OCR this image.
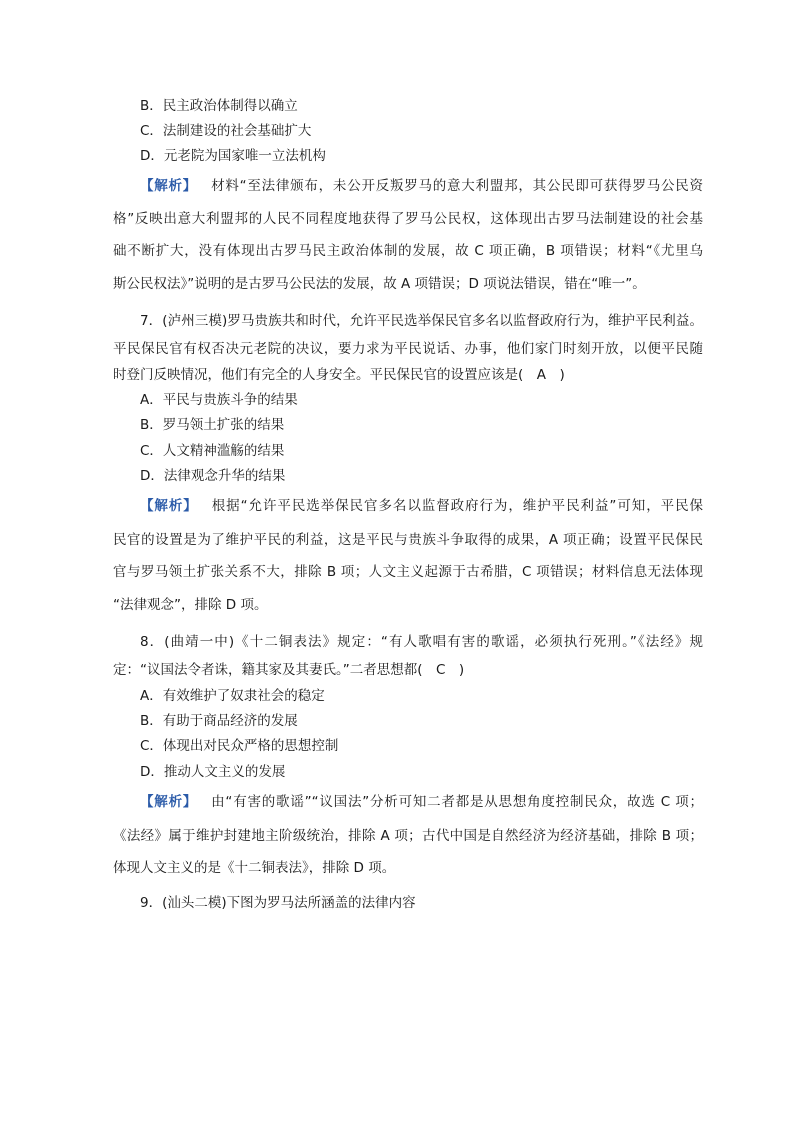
B．民主政治体制得以确立
C．法制建设的社会基础扩大
D．元老院为国家唯一立法机构
【解析】 材料“至法律颁布，未公开反叛罗马的意大利盟邦，其公民即可获得罗马公民资
格”反映出意大利盟邦的人民不同程度地获得了罗马公民权，这体现出古罗马法制建设的社会基
础不断扩大，没有体现出古罗马民主政治体制的发展，故 C 项正确，B 项错误；材料“《尤里乌
斯公民权法》”说明的是古罗马公民法的发展，故 A 项错误；D 项说法错误，错在“唯一”。
7．(泸州三模)罗马贵族共和时代，允许平民选举保民官多名以监督政府行为，维护平民利益。
平民保民官有权否决元老院的决议，要力求为平民说话、办事，他们家门时刻开放，以便平民随
时登门反映情况，他们有完全的人身安全。平民保民官的设置应该是(　A　)
A．平民与贵族斗争的结果
B．罗马领土扩张的结果
C．人文精神滥觞的结果
D．法律观念升华的结果
【解析】 根据“允许平民选举保民官多名以监督政府行为，维护平民利益”可知，平民保
民官的设置是为了维护平民的利益，这是平民与贵族斗争取得的成果，A 项正确；设置平民保民
官与罗马领土扩张关系不大，排除 B 项；人文主义起源于古希腊，C 项错误；材料信息无法体现
“法律观念”，排除 D 项。
8．(曲靖一中)《十二铜表法》规定：“有人歌唱有害的歌谣，必须执行死刑。”《法经》规
定：“议国法令者诛，籍其家及其妻氏。”二者思想都(　C　)
A．有效维护了奴隶社会的稳定
B．有助于商品经济的发展
C．体现出对民众严格的思想控制
D．推动人文主义的发展
【解析】 由“有害的歌谣”“议国法”分析可知二者都是从思想角度控制民众，故选 C 项；
《法经》属于维护封建地主阶级统治，排除 A 项；古代中国是自然经济为经济基础，排除 B 项；
体现人文主义的是《十二铜表法》，排除 D 项。
9．(汕头二模)下图为罗马法所涵盖的法律内容
